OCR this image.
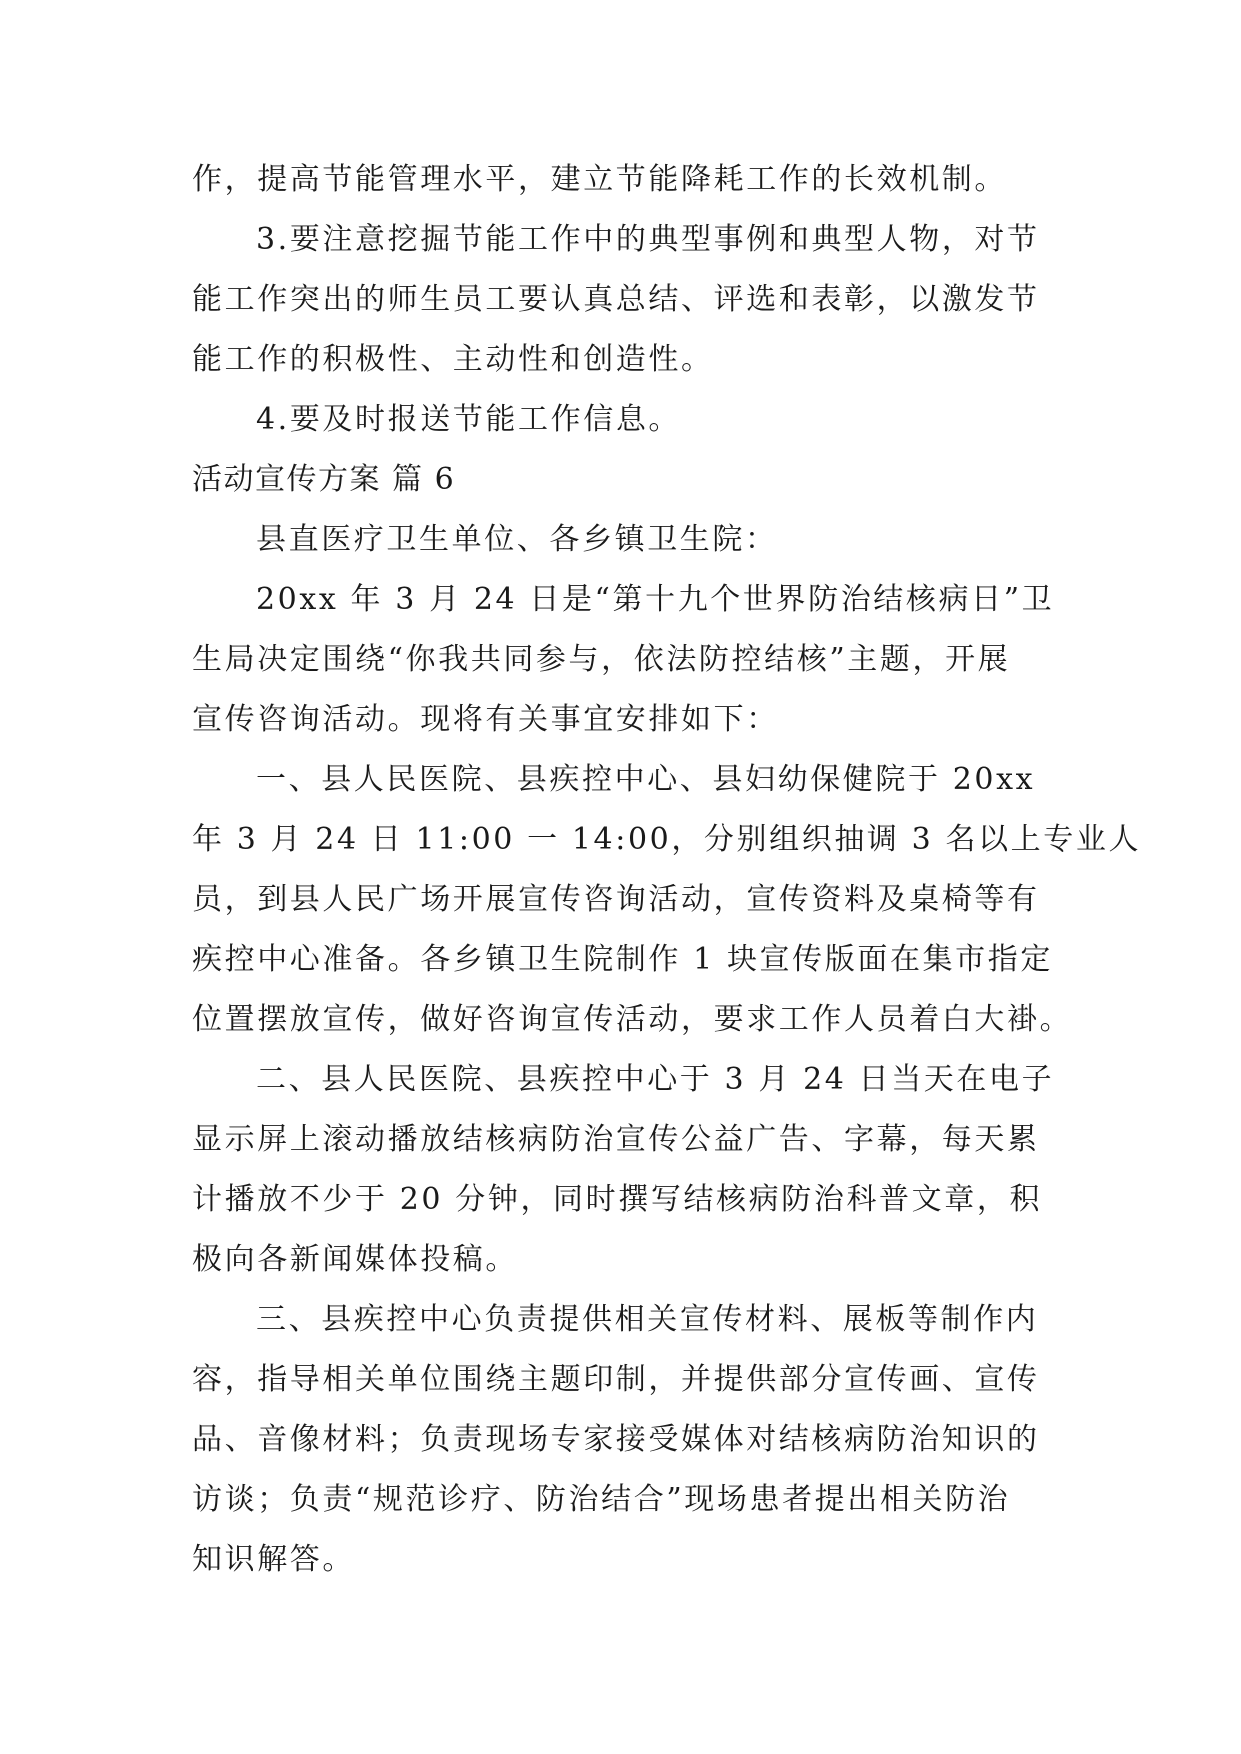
作，提高节能管理水平，建立节能降耗工作的长效机制。
3.要注意挖掘节能工作中的典型事例和典型人物，对节
能工作突出的师生员工要认真总结、评选和表彰，以激发节
能工作的积极性、主动性和创造性。
4.要及时报送节能工作信息。
活动宣传方案 篇 6
县直医疗卫生单位、各乡镇卫生院：
20xx 年 3 月 24 日是“第十九个世界防治结核病日”卫
生局决定围绕“你我共同参与，依法防控结核”主题，开展
宣传咨询活动。现将有关事宜安排如下：
一、县人民医院、县疾控中心、县妇幼保健院于 20xx
年 3 月 24 日 11:00 一 14:00，分别组织抽调 3 名以上专业人
员，到县人民广场开展宣传咨询活动，宣传资料及桌椅等有
疾控中心准备。各乡镇卫生院制作 1 块宣传版面在集市指定
位置摆放宣传，做好咨询宣传活动，要求工作人员着白大褂。
二、县人民医院、县疾控中心于 3 月 24 日当天在电子
显示屏上滚动播放结核病防治宣传公益广告、字幕，每天累
计播放不少于 20 分钟，同时撰写结核病防治科普文章，积
极向各新闻媒体投稿。
三、县疾控中心负责提供相关宣传材料、展板等制作内
容，指导相关单位围绕主题印制，并提供部分宣传画、宣传
品、音像材料；负责现场专家接受媒体对结核病防治知识的
访谈；负责“规范诊疗、防治结合”现场患者提出相关防治
知识解答。
